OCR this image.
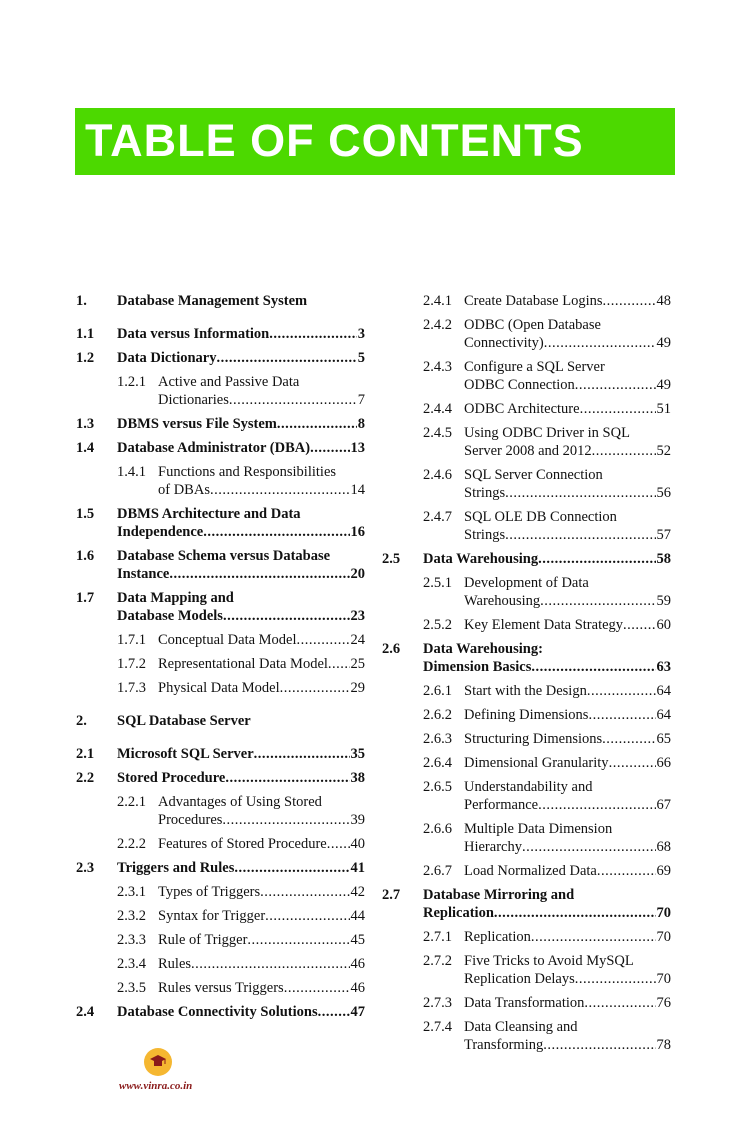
TABLE OF CONTENTS
1. Database Management System
1.1 Data versus Information .....	3
1.2 Data Dictionary .....	5
1.2.1 Active and Passive Data
Dictionaries .....	7
1.3 DBMS versus File System .....	8
1.4 Database Administrator (DBA) .....	13
1.4.1 Functions and Responsibilities
of DBAs .....	14
1.5 DBMS Architecture and Data
Independence .....	16
1.6 Database Schema versus Database
Instance .....	20
1.7 Data Mapping and
Database Models .....	23
1.7.1 Conceptual Data Model .....	24
1.7.2 Representational Data Model ..... 25
1.7.3 Physical Data Model .....	29
2. SQL Database Server
2.1 Microsoft SQL Server .....	35
2.2 Stored Procedure .....	38
2.2.1 Advantages of Using Stored
Procedures .....	39
2.2.2 Features of Stored Procedure ..... 40
2.3 Triggers and Rules .....	41
2.3.1 Types of Triggers .....	42
2.3.2 Syntax for Trigger .....	44
2.3.3 Rule of Trigger .....	45
2.3.4 Rules .....	46
2.3.5 Rules versus Triggers .....	46
2.4 Database Connectivity Solutions ..... 47
2.4.1 Create Database Logins .....	48
2.4.2 ODBC (Open Database
Connectivity) .....	49
2.4.3 Configure a SQL Server
ODBC Connection .....	49
2.4.4 ODBC Architecture .....	51
2.4.5 Using ODBC Driver in SQL
Server 2008 and 2012 .....	52
2.4.6 SQL Server Connection
Strings .....	56
2.4.7 SQL OLE DB Connection
Strings .....	57
2.5 Data Warehousing .....	58
2.5.1 Development of Data
Warehousing .....	59
2.5.2 Key Element Data Strategy ..... 60
2.6 Data Warehousing:
Dimension Basics .....	63
2.6.1 Start with the Design .....	64
2.6.2 Defining Dimensions .....	64
2.6.3 Structuring Dimensions .....	65
2.6.4 Dimensional Granularity .....	66
2.6.5 Understandability and
Performance .....	67
2.6.6 Multiple Data Dimension
Hierarchy .....	68
2.6.7 Load Normalized Data .....	69
2.7 Database Mirroring and
Replication .....	70
2.7.1 Replication .....	70
2.7.2 Five Tricks to Avoid MySQL
Replication Delays .....	70
2.7.3 Data Transformation .....	76
2.7.4 Data Cleansing and
Transforming .....	78
www.vinra.co.in
